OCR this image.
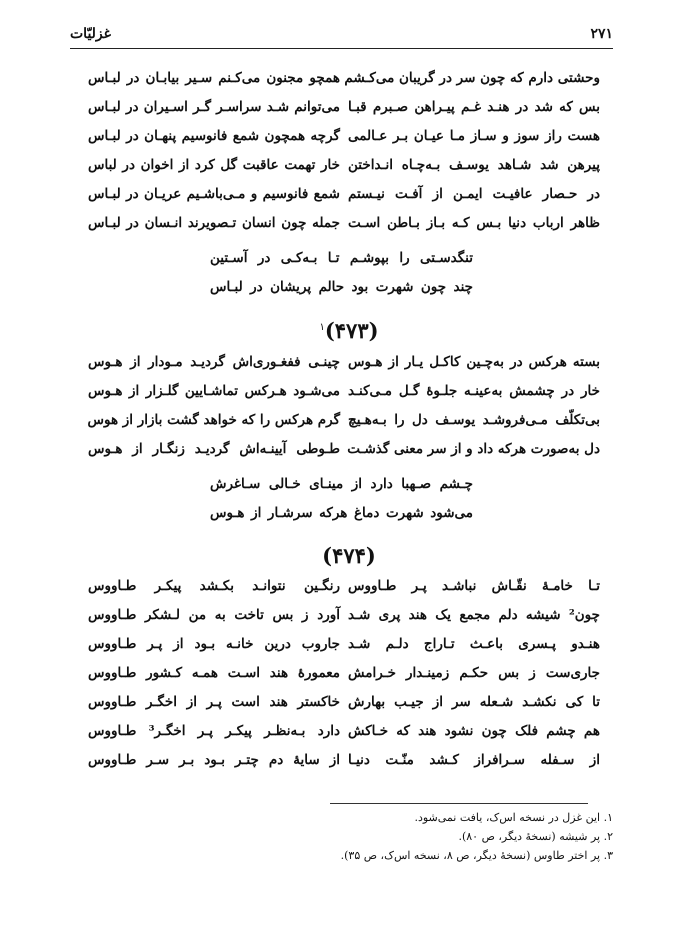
۲۷۱
غزلیّات
وحشتی دارم که چون سر در گریبان می‌کـشم
همچو مجنون می‌کـنم سـیر بیابـان در لبـاس
بس که شد در هنـد غـم پیـراهن صـبرم قبـا
می‌توانم شـد سراسـر گـر اسـیران در لبـاس
هست راز سوز و سـاز مـا عیـان بـر عـالمی
گرچه همچون شمع فانوسیم پنهـان در لبـاس
پیرهن شد شـاهد یوسـف بـه‌چـاه انـداختن
خار تهمت عاقبت گل کرد از اخوان در لباس
در حـصار عافیـت ایمـن از آفـت نیـستم
شمع فانوسیم و مـی‌باشـیم عریـان در لبـاس
ظاهر ارباب دنیا بـس کـه بـاز بـاطن اسـت
جمله چون انسان تـصویرند انـسان در لبـاس
تنگدسـتی را بپوشـم تـا بـه‌کـی در آسـتین
چند چون شهرت بود حالم پریشان در لبـاس
(۴۷۳)$^۱$
بسته هرکس در به‌چـین کاکـل یـار از هـوس
چینـی ففغـوری‌اش گردیـد مـودار از هـوس
خار در چشمش به‌عینـه جلـوهٔ گـل مـی‌کنـد
می‌شـود هـرکس تماشـایین گلـزار از هـوس
بی‌تکلّف مـی‌فروشـد یوسـف دل را بـه‌هـیچ
گرم هرکس را که خواهد گشت بازار از هوس
دل به‌صورت هرکه داد و از سر معنی گذشـت
طـوطی آیینـه‌اش گردیـد زنگـار از هـوس
چـشم صـهبا دارد از مینـای خـالی سـاغرش
می‌شود شهرت دماغ هرکه سرشـار از هـوس
(۴۷۴)
تـا خامـهٔ نقّـاش نباشـد پـر طـاووس
رنگـین نتوانـد بکـشد پیکـر طـاووس
چون² شیشه دلم مجمع یک هند پری شـد
آورد ز بس تاخت به من لـشکر طـاووس
هنـدو پـسری باعـث تـاراج دلـم شـد
جاروب درین خانـه بـود از پـر طـاووس
جاری‌ست ز بس حکـم زمینـدار خـرامش
معمورهٔ هند اسـت همـه کـشور طـاووس
تا کی نکشـد شـعله سر از جیـب بهارش
خاکستر هند است پـر از اخگـر طـاووس
هم چشم فلک چون نشود هند که خـاکش
دارد بـه‌نظـر پیکـر پـر اخگـر³ طـاووس
از سـفله سـرافراز کـشد منّـت دنیـا
از سایهٔ دم چتـر بـود بـر سـر طـاووس
۱. این غزل در نسخه اس‌ک، یافت نمی‌شود.
۲. پر شیشه (نسخهٔ دیگر، ص ۸۰).
۳. پر اختر طاوس (نسخهٔ دیگر، ص ۸، نسخه اس‌ک، ص ۳۵).
